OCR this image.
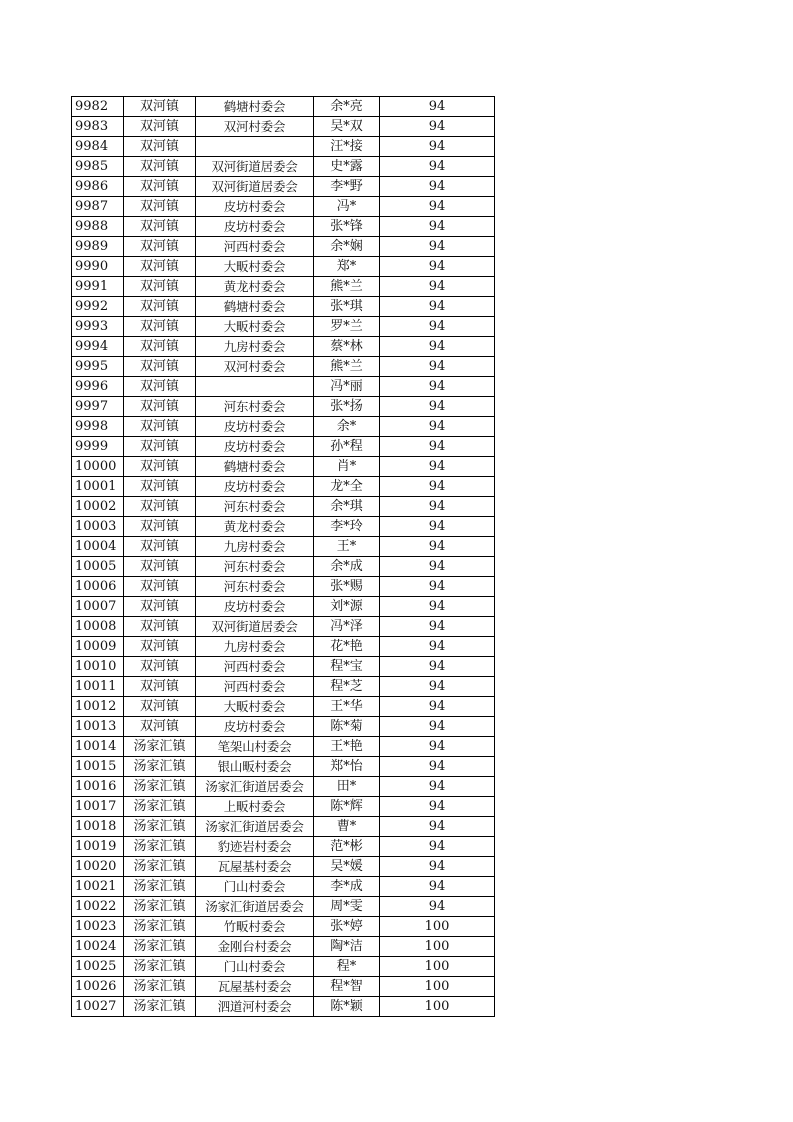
9982	双河镇	鹤塘村委会	余*亮	94
9983	双河镇	双河村委会	吴*双	94
9984	双河镇		汪*接	94
9985	双河镇	双河街道居委会	史*露	94
9986	双河镇	双河街道居委会	李*野	94
9987	双河镇	皮坊村委会	冯*	94
9988	双河镇	皮坊村委会	张*锋	94
9989	双河镇	河西村委会	余*娴	94
9990	双河镇	大畈村委会	郑*	94
9991	双河镇	黄龙村委会	熊*兰	94
9992	双河镇	鹤塘村委会	张*琪	94
9993	双河镇	大畈村委会	罗*兰	94
9994	双河镇	九房村委会	蔡*林	94
9995	双河镇	双河村委会	熊*兰	94
9996	双河镇		冯*丽	94
9997	双河镇	河东村委会	张*扬	94
9998	双河镇	皮坊村委会	余*	94
9999	双河镇	皮坊村委会	孙*程	94
10000	双河镇	鹤塘村委会	肖*	94
10001	双河镇	皮坊村委会	龙*全	94
10002	双河镇	河东村委会	余*琪	94
10003	双河镇	黄龙村委会	李*玲	94
10004	双河镇	九房村委会	王*	94
10005	双河镇	河东村委会	余*成	94
10006	双河镇	河东村委会	张*赐	94
10007	双河镇	皮坊村委会	刘*源	94
10008	双河镇	双河街道居委会	冯*泽	94
10009	双河镇	九房村委会	花*艳	94
10010	双河镇	河西村委会	程*宝	94
10011	双河镇	河西村委会	程*芝	94
10012	双河镇	大畈村委会	王*华	94
10013	双河镇	皮坊村委会	陈*菊	94
10014	汤家汇镇	笔架山村委会	王*艳	94
10015	汤家汇镇	银山畈村委会	郑*怡	94
10016	汤家汇镇	汤家汇街道居委会	田*	94
10017	汤家汇镇	上畈村委会	陈*辉	94
10018	汤家汇镇	汤家汇街道居委会	曹*	94
10019	汤家汇镇	豹迹岩村委会	范*彬	94
10020	汤家汇镇	瓦屋基村委会	吴*媛	94
10021	汤家汇镇	门山村委会	李*成	94
10022	汤家汇镇	汤家汇街道居委会	周*雯	94
10023	汤家汇镇	竹畈村委会	张*婷	100
10024	汤家汇镇	金刚台村委会	陶*洁	100
10025	汤家汇镇	门山村委会	程*	100
10026	汤家汇镇	瓦屋基村委会	程*智	100
10027	汤家汇镇	泗道河村委会	陈*颖	100
